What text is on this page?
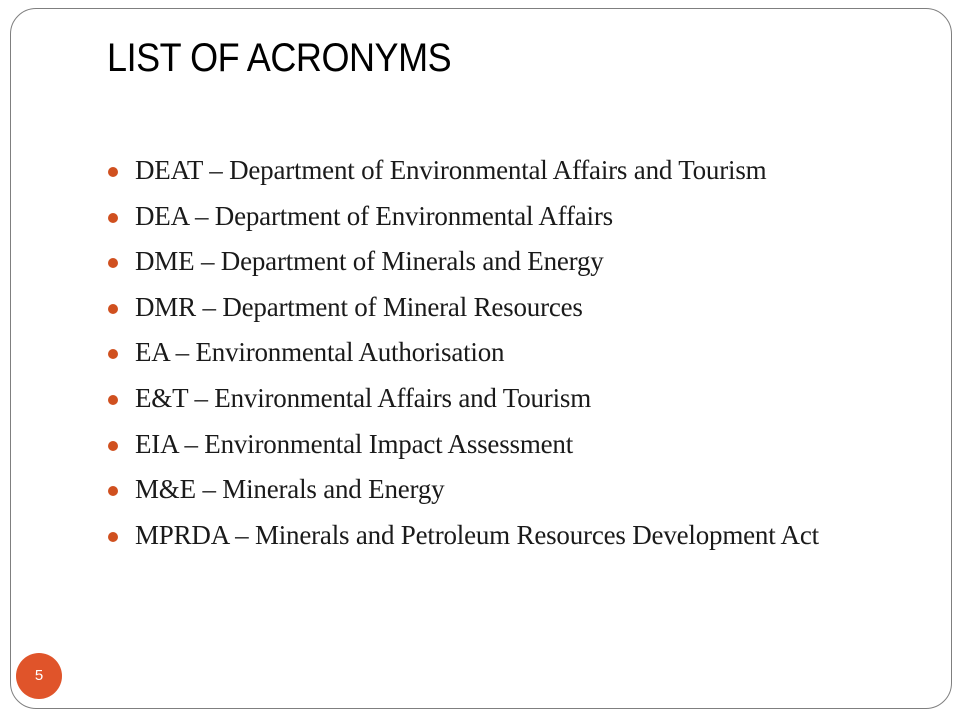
LIST OF ACRONYMS
DEAT – Department of Environmental Affairs and Tourism
DEA – Department of Environmental Affairs
DME – Department of Minerals and Energy
DMR – Department of Mineral Resources
EA – Environmental Authorisation
E&T – Environmental Affairs and Tourism
EIA – Environmental Impact Assessment
M&E – Minerals and Energy
MPRDA – Minerals and Petroleum Resources Development Act
5
